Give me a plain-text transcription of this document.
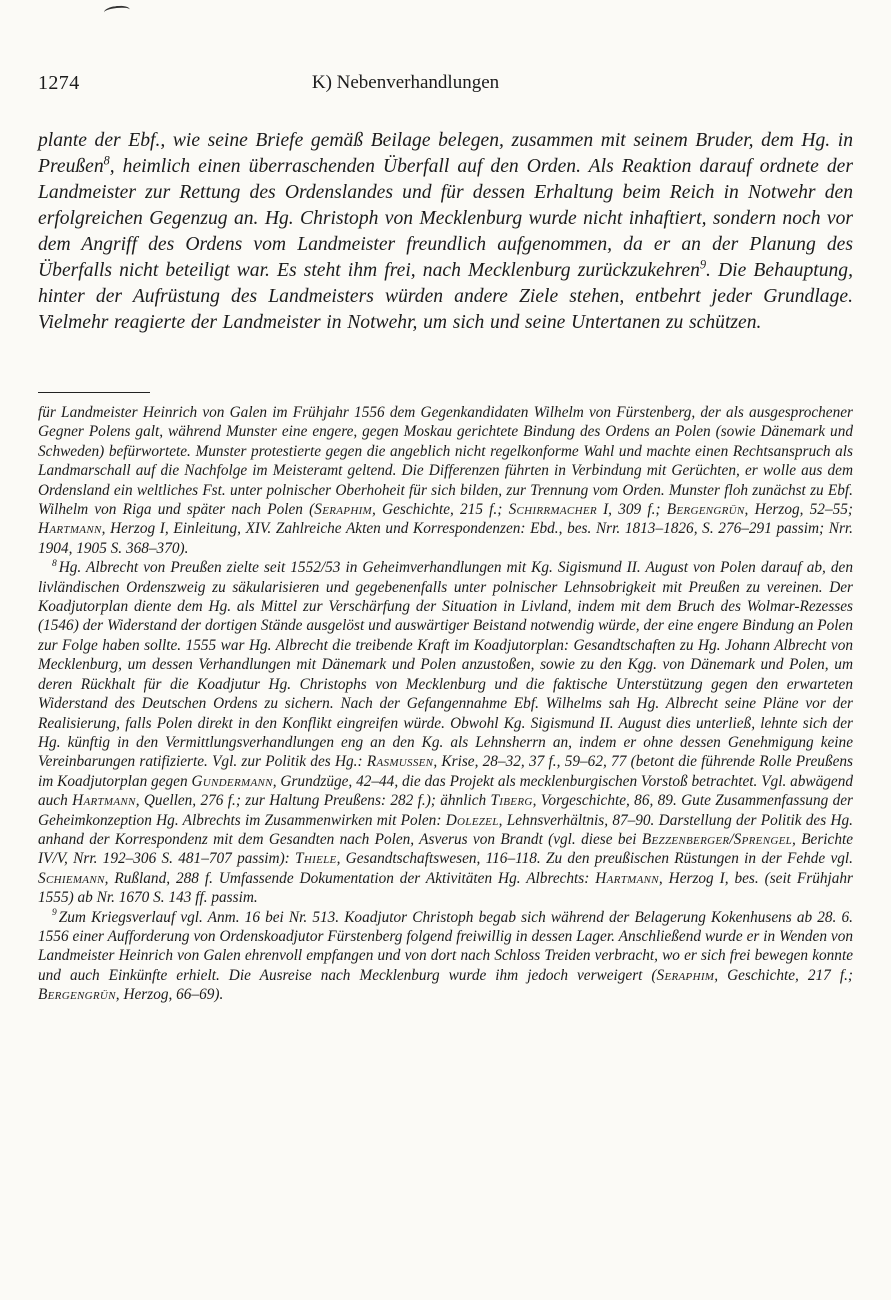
1274	K) Nebenverhandlungen

plante der Ebf., wie seine Briefe gemäß Beilage belegen, zusammen mit seinem Bruder, dem Hg. in Preußen$^8$, heimlich einen überraschenden Überfall auf den Orden. Als Reaktion darauf ordnete der Landmeister zur Rettung des Ordenslandes und für dessen Erhaltung beim Reich in Notwehr den erfolgreichen Gegenzug an. Hg. Christoph von Mecklenburg wurde nicht inhaftiert, sondern noch vor dem Angriff des Ordens vom Landmeister freundlich aufgenommen, da er an der Planung des Überfalls nicht beteiligt war. Es steht ihm frei, nach Mecklenburg zurückzukehren$^9$. Die Behauptung, hinter der Aufrüstung des Landmeisters würden andere Ziele stehen, entbehrt jeder Grundlage. Vielmehr reagierte der Landmeister in Notwehr, um sich und seine Untertanen zu schützen.

für Landmeister Heinrich von Galen im Frühjahr 1556 dem Gegenkandidaten Wilhelm von Fürstenberg, der als ausgesprochener Gegner Polens galt, während Munster eine engere, gegen Moskau gerichtete Bindung des Ordens an Polen (sowie Dänemark und Schweden) befürwortete. Munster protestierte gegen die angeblich nicht regelkonforme Wahl und machte einen Rechtsanspruch als Landmarschall auf die Nachfolge im Meisteramt geltend. Die Differenzen führten in Verbindung mit Gerüchten, er wolle aus dem Ordensland ein weltliches Fst. unter polnischer Oberhoheit für sich bilden, zur Trennung vom Orden. Munster floh zunächst zu Ebf. Wilhelm von Riga und später nach Polen (Seraphim, Geschichte, 215 f.; Schirrmacher I, 309 f.; Bergengrün, Herzog, 52–55; Hartmann, Herzog I, Einleitung, XIV. Zahlreiche Akten und Korrespondenzen: Ebd., bes. Nrr. 1813–1826, S. 276–291 passim; Nrr. 1904, 1905 S. 368–370).

$^8$ Hg. Albrecht von Preußen zielte seit 1552/53 in Geheimverhandlungen mit Kg. Sigismund II. August von Polen darauf ab, den livländischen Ordenszweig zu säkularisieren und gegebenenfalls unter polnischer Lehnsobrigkeit mit Preußen zu vereinen. Der Koadjutorplan diente dem Hg. als Mittel zur Verschärfung der Situation in Livland, indem mit dem Bruch des Wolmar-Rezesses (1546) der Widerstand der dortigen Stände ausgelöst und auswärtiger Beistand notwendig würde, der eine engere Bindung an Polen zur Folge haben sollte. 1555 war Hg. Albrecht die treibende Kraft im Koadjutorplan: Gesandtschaften zu Hg. Johann Albrecht von Mecklenburg, um dessen Verhandlungen mit Dänemark und Polen anzustoßen, sowie zu den Kgg. von Dänemark und Polen, um deren Rückhalt für die Koadjutur Hg. Christophs von Mecklenburg und die faktische Unterstützung gegen den erwarteten Widerstand des Deutschen Ordens zu sichern. Nach der Gefangennahme Ebf. Wilhelms sah Hg. Albrecht seine Pläne vor der Realisierung, falls Polen direkt in den Konflikt eingreifen würde. Obwohl Kg. Sigismund II. August dies unterließ, lehnte sich der Hg. künftig in den Vermittlungsverhandlungen eng an den Kg. als Lehnsherrn an, indem er ohne dessen Genehmigung keine Vereinbarungen ratifizierte. Vgl. zur Politik des Hg.: Rasmussen, Krise, 28–32, 37 f., 59–62, 77 (betont die führende Rolle Preußens im Koadjutorplan gegen Gundermann, Grundzüge, 42–44, die das Projekt als mecklenburgischen Vorstoß betrachtet. Vgl. abwägend auch Hartmann, Quellen, 276 f.; zur Haltung Preußens: 282 f.); ähnlich Tiberg, Vorgeschichte, 86, 89. Gute Zusammenfassung der Geheimkonzeption Hg. Albrechts im Zusammenwirken mit Polen: Dolezel, Lehnsverhältnis, 87–90. Darstellung der Politik des Hg. anhand der Korrespondenz mit dem Gesandten nach Polen, Asverus von Brandt (vgl. diese bei Bezzenberger/Sprengel, Berichte IV/V, Nrr. 192–306 S. 481–707 passim): Thiele, Gesandtschaftswesen, 116–118. Zu den preußischen Rüstungen in der Fehde vgl. Schiemann, Rußland, 288 f. Umfassende Dokumentation der Aktivitäten Hg. Albrechts: Hartmann, Herzog I, bes. (seit Frühjahr 1555) ab Nr. 1670 S. 143 ff. passim.

$^9$ Zum Kriegsverlauf vgl. Anm. 16 bei Nr. 513. Koadjutor Christoph begab sich während der Belagerung Kokenhusens ab 28. 6. 1556 einer Aufforderung von Ordenskoadjutor Fürstenberg folgend freiwillig in dessen Lager. Anschließend wurde er in Wenden von Landmeister Heinrich von Galen ehrenvoll empfangen und von dort nach Schloss Treiden verbracht, wo er sich frei bewegen konnte und auch Einkünfte erhielt. Die Ausreise nach Mecklenburg wurde ihm jedoch verweigert (Seraphim, Geschichte, 217 f.; Bergengrün, Herzog, 66–69).
